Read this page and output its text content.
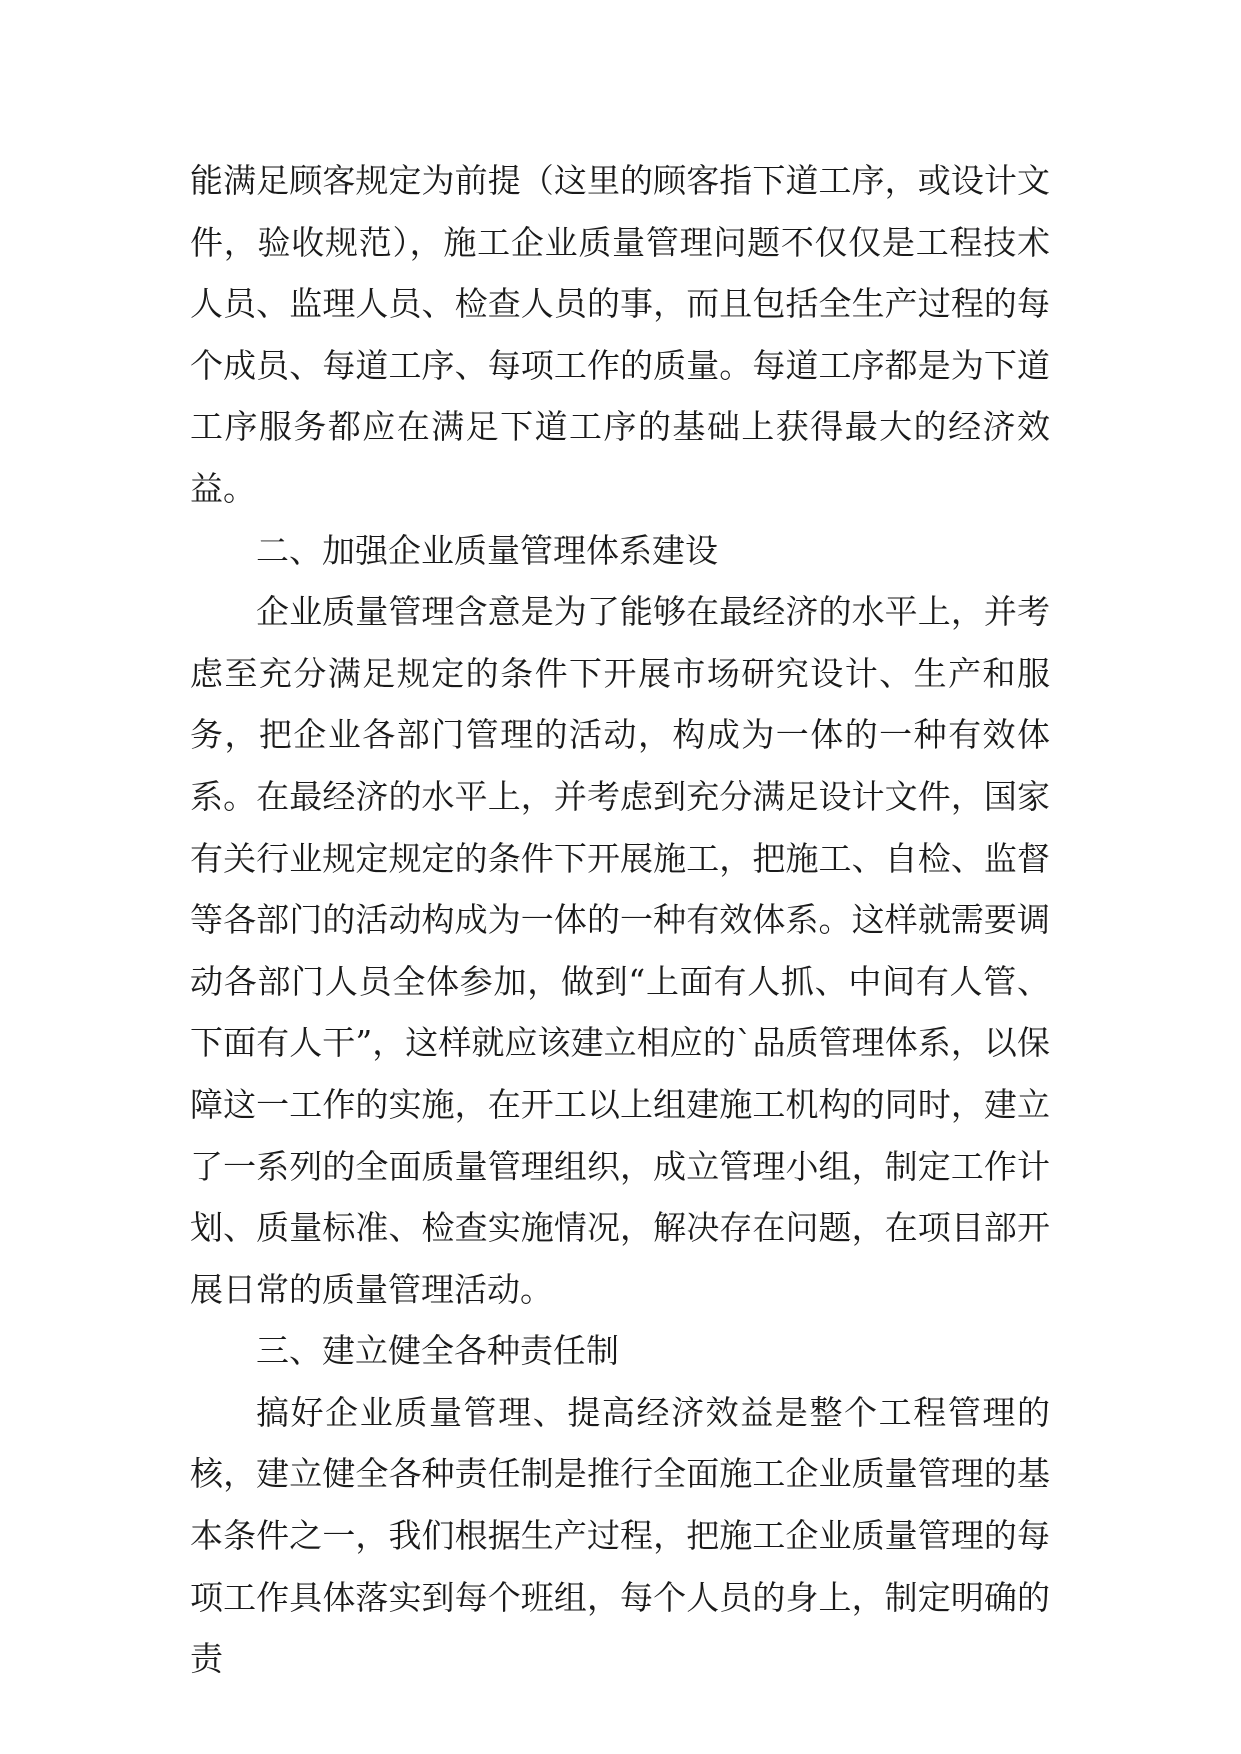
能满足顾客规定为前提（这里的顾客指下道工序，或设计文件，验收规范），施工企业质量管理问题不仅仅是工程技术人员、监理人员、检查人员的事，而且包括全生产过程的每个成员、每道工序、每项工作的质量。每道工序都是为下道工序服务都应在满足下道工序的基础上获得最大的经济效益。

二、加强企业质量管理体系建设

企业质量管理含意是为了能够在最经济的水平上，并考虑至充分满足规定的条件下开展市场研究设计、生产和服务，把企业各部门管理的活动，构成为一体的一种有效体系。在最经济的水平上，并考虑到充分满足设计文件，国家有关行业规定规定的条件下开展施工，把施工、自检、监督等各部门的活动构成为一体的一种有效体系。这样就需要调动各部门人员全体参加，做到“上面有人抓、中间有人管、下面有人干”，这样就应该建立相应的`品质管理体系，以保障这一工作的实施，在开工以上组建施工机构的同时，建立了一系列的全面质量管理组织，成立管理小组，制定工作计划、质量标准、检查实施情况，解决存在问题，在项目部开展日常的质量管理活动。

三、建立健全各种责任制

搞好企业质量管理、提高经济效益是整个工程管理的核，建立健全各种责任制是推行全面施工企业质量管理的基本条件之一，我们根据生产过程，把施工企业质量管理的每项工作具体落实到每个班组，每个人员的身上，制定明确的责
